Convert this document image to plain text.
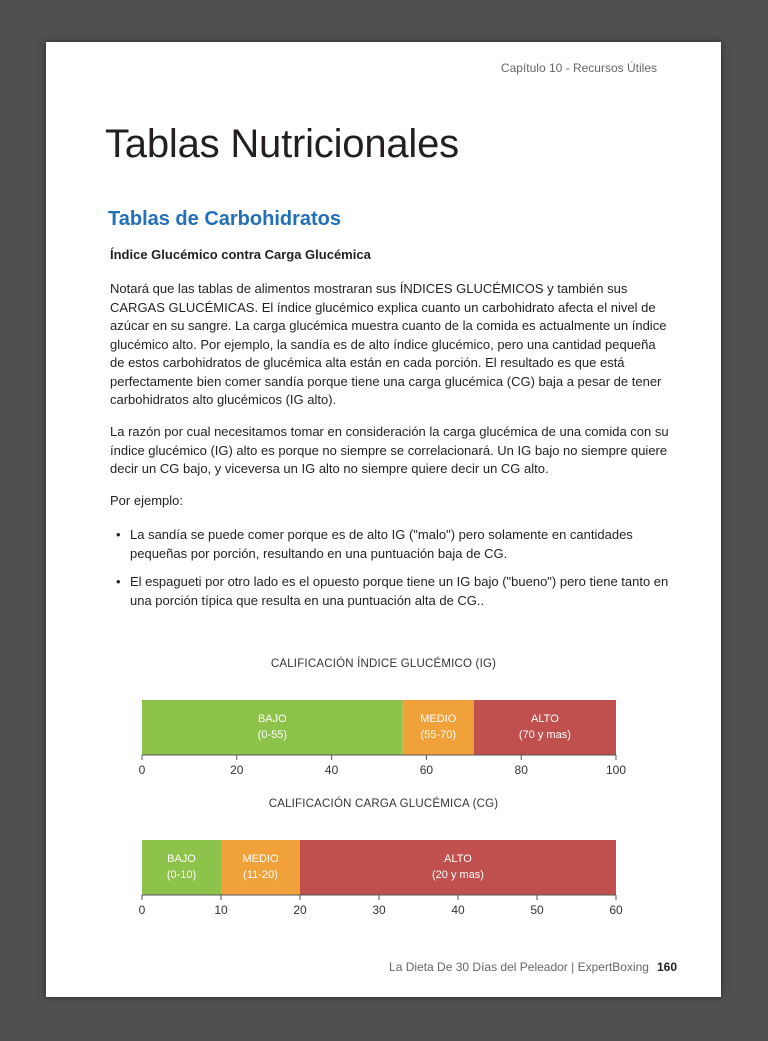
Capítulo 10 - Recursos Útiles
Tablas Nutricionales
Tablas de Carbohidratos
Índice Glucémico contra Carga Glucémica

Notará que las tablas de alimentos mostraran sus ÍNDICES GLUCÉMICOS y también sus CARGAS GLUCÉMICAS. El índice glucémico explica cuanto un carbohidrato afecta el nivel de azúcar en su sangre. La carga glucémica muestra cuanto de la comida es actualmente un índice glucémico alto. Por ejemplo, la sandía es de alto índice glucémico, pero una cantidad pequeña de estos carbohidratos de glucémica alta están en cada porción. El resultado es que está perfectamente bien comer sandía porque tiene una carga glucémica (CG) baja a pesar de tener carbohidratos alto glucémicos (IG alto).

La razón por cual necesitamos tomar en consideración la carga glucémica de una comida con su índice glucémico (IG) alto es porque no siempre se correlacionará. Un IG bajo no siempre quiere decir un CG bajo, y viceversa un IG alto no siempre quiere decir un CG alto.

Por ejemplo:

• La sandía se puede comer porque es de alto IG ("malo") pero solamente en cantidades pequeñas por porción, resultando en una puntuación baja de CG.
• El espagueti por otro lado es el opuesto porque tiene un IG bajo ("bueno") pero tiene tanto en una porción típica que resulta en una puntuación alta de CG..
CALIFICACIÓN ÍNDICE GLUCÉMICO (IG)
BAJO
(0-55)
MEDIO
(55-70)
ALTO
(70 y mas)
0	20	40	60	80	100
CALIFICACIÓN CARGA GLUCÉMICA (CG)
BAJO
(0-10)
MEDIO
(11-20)
ALTO
(20 y mas)
0	10	20	30	40	50	60
La Dieta De 30 Días del Peleador | ExpertBoxing 160
